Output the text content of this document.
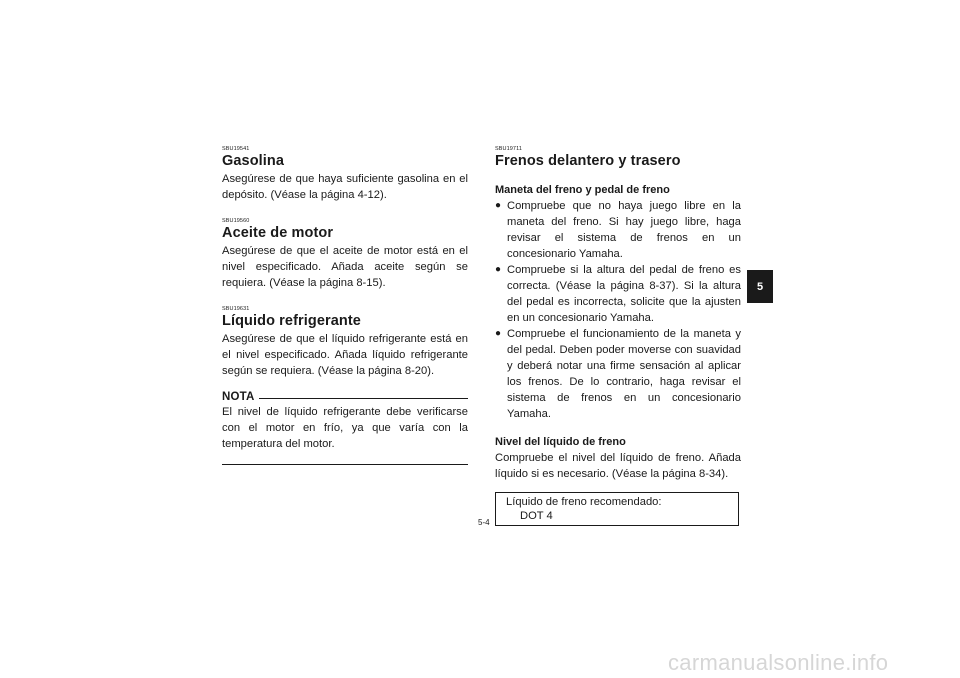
SBU19541
Gasolina

Asegúrese de que haya suficiente gasolina en el depósito. (Véase la página 4-12).

SBU19560
Aceite de motor

Asegúrese de que el aceite de motor está en el nivel especificado. Añada aceite según se requiera. (Véase la página 8-15).

SBU19631
Líquido refrigerante

Asegúrese de que el líquido refrigerante está en el nivel especificado. Añada líquido refrigerante según se requiera. (Véase la página 8-20).

NOTA

El nivel de líquido refrigerante debe verificarse con el motor en frío, ya que varía con la temperatura del motor.

SBU19711
Frenos delantero y trasero
Maneta del freno y pedal de freno
● Compruebe que no haya juego libre en la maneta del freno. Si hay juego libre, haga revisar el sistema de frenos en un concesionario Yamaha.
● Compruebe si la altura del pedal de freno es correcta. (Véase la página 8-37). Si la altura del pedal es incorrecta, solicite que la ajusten en un concesionario Yamaha.
● Compruebe el funcionamiento de la maneta y del pedal. Deben poder moverse con suavidad y deberá notar una firme sensación al aplicar los frenos. De lo contrario, haga revisar el sistema de frenos en un concesionario Yamaha.
Nivel del líquido de freno

Compruebe el nivel del líquido de freno. Añada líquido si es necesario. (Véase la página 8-34).

Líquido de freno recomendado:
DOT 4
5-4
5
carmanualsonline.info
